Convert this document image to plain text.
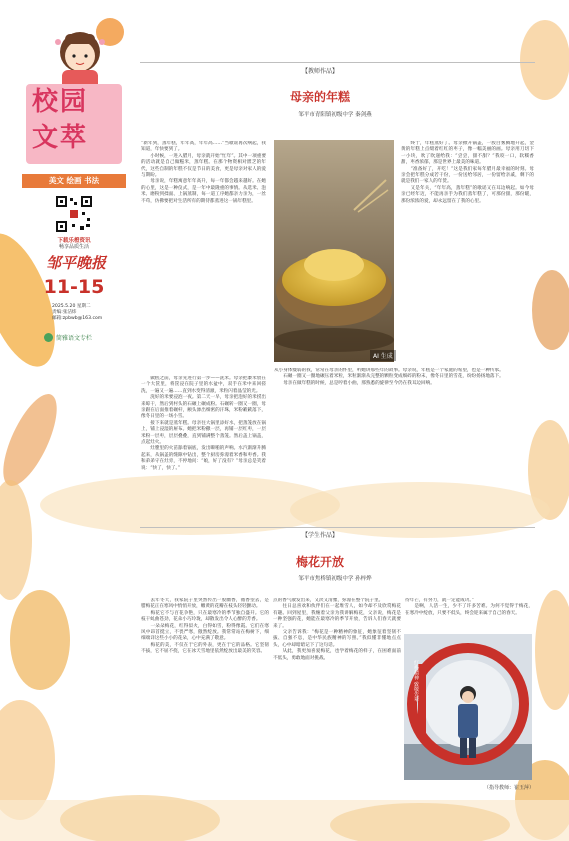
校园
文萃
美文 绘画 书法
下载乐橙资讯
畅享品质生活
邹平晚报
11-15
2025.5.20 星期二
责编:张洁炜
邮箱:zpbwb@163.com
简雅语文专栏
【教师作品】
母亲的年糕
邹平市青阳镇初级中学 秦剑燕
“新年到，蒸年糕，年年高，年年高……”当歌谣再次响起，我知道，年快要到了。
　　小时候，一进入腊月，母亲就开始“忙年”。其中一项重要的活动就是自己做糍米，蒸年糕。在那个物资相对匮乏的年代，这些自制的年糕不仅是节日的美食，更是母亲对家人的爱与期盼。
　　母亲说，年糕寓意年年高升，每一年都会越来越好。在她的心里，这是一种仪式，是一年中最隆重的事情。从选米、泡米、磨粉到揉面、上锅蒸制，每一道工序她都亲力亲为，一丝不苟，仿佛要把对生活所有的期待都蒸进这一锅年糕里。
　　做糕之前，母亲先进行第一步——洗米。母亲把黍米放在一个大筐里，将筐浸在院子里的水盆中，双手在米中来回搓洗，一遍又一遍……直到水变得清澈，米粒闪着晶莹的光。
　　洗好的米要浸泡一夜。第二天一早，母亲把泡好的米捞出来晾干，然后到村头的石碾上碾成粉。石碾转一圈又一圈，母亲跟在后面推着碾杆，额头渗出细密的汗珠，米粉簌簌落下，像冬日里的一场小雪。
　　接下来就是蒸年糕。母亲往大锅里添好水，把蒸笼放在锅上，铺上浸湿的屉布。她把米粉撒一层，再铺一层红枣，一层米粉一层枣，层层叠叠，直到铺满整个蒸笼。然后盖上锅盖，点起灶火。
　　灶膛里的火苗舔着锅底，发出噼啪的声响。水汽渐渐升腾起来，从锅盖的缝隙中钻出，整个厨房弥漫着米香和枣香。我和弟弟守在灶旁，不停地问：“娘，好了没有？”母亲总是笑着说：“快了，快了。”
AI 生成
　　终于，年糕蒸好了。母亲掀开锅盖，一股白雾腾地升起，金黄的年糕上点缀着红红的枣子，像一幅美丽的画。母亲用刀切下一小块，吹了吹递给我：“尝尝，甜不甜？”我咬一口，软糯香甜，枣香浓郁，那是世界上最美的味道。
　　“准备好了，开吃！”这是我们家每年腊月最幸福的时刻。母亲会把年糕分成若干份，一份送给邻居，一份留给亲戚，剩下的就是我们一家人的年货。
　　又是年关，“年年高，蒸年糕”的歌谣又在耳边响起。如今母亲已经年迈，不能再亲手为我们蒸年糕了，可那份甜，那份暖，那份浓浓的爱，却永远留在了我的心里。
从小身体瘦弱的我，常常在母亲的怀里，听她讲那些年的故事。母亲说，年糕是一个家庭的希望，也是一种传承。
　　石碾一圈又一圈地碾压着米粒，米粒渐渐从完整的颗粒变成细碎的粉末，像冬日里的雪花，纷纷扬扬地落下。
　　母亲在做年糕的时候，总是哼着小曲，那熟悉的旋律至今仍在我耳边回响。
【学生作品】
梅花开放
邹平市焦桥镇初级中学 孙梓烨
　　去年冬天，我家院子里突然传出一股幽香，循香望去，是腊梅花正在寒风中悄悄开放，嫩黄的花瓣在枝头轻轻颤动。
　　梅花它不与百花争艳，只在最寒冷的季节独自盛开。它的枝干虬曲苍劲，花朵小巧玲珑，却散发出令人心醉的芳香。
　　一朵朵梅花，红得似火，白得如雪，粉得像霞。它们在寒风中昂首挺立，不畏严寒，傲然绽放。我常常站在梅树下，细细端详这些小小的花朵，心中充满了敬意。
　　梅花的美，不仅在于它的外表，更在于它的品格。它坚韧不拔，它不屈不挠，它在冰天雪地里依然绽放出最美的笑容。
点的香气散发出来，又淡又清雅，弥漫在整个院子里。
　　往日总喜欢和伙伴们在一起堆雪人，如今却不及欣赏梅花有趣。回到屋里，我缠着父亲为我讲解梅花，父亲说，梅花是一种坚强的花，她能在最寒冷的季节开放，告诉人们春天就要来了。
　　父亲告诉我：“梅花是一种精神的象征，她象征着坚韧不拔、自强不息，是中华民族精神的写照。”我似懂非懂地点点头，心中却暗暗记下了这句话。
　　从此，我更加喜爱梅花，也学着梅花的样子，在困难面前不低头，勇敢地面对挑战。
待年芒，有努力，就一定能成功。”
　　是啊，人活一生，少不了许多苦难。为何不觉得于梅花，在寒冷中绽放，只要不低头，终会迎来属于自己的春天。
红梅精神 致敬先辈
（指导教师：崔玉萍）
